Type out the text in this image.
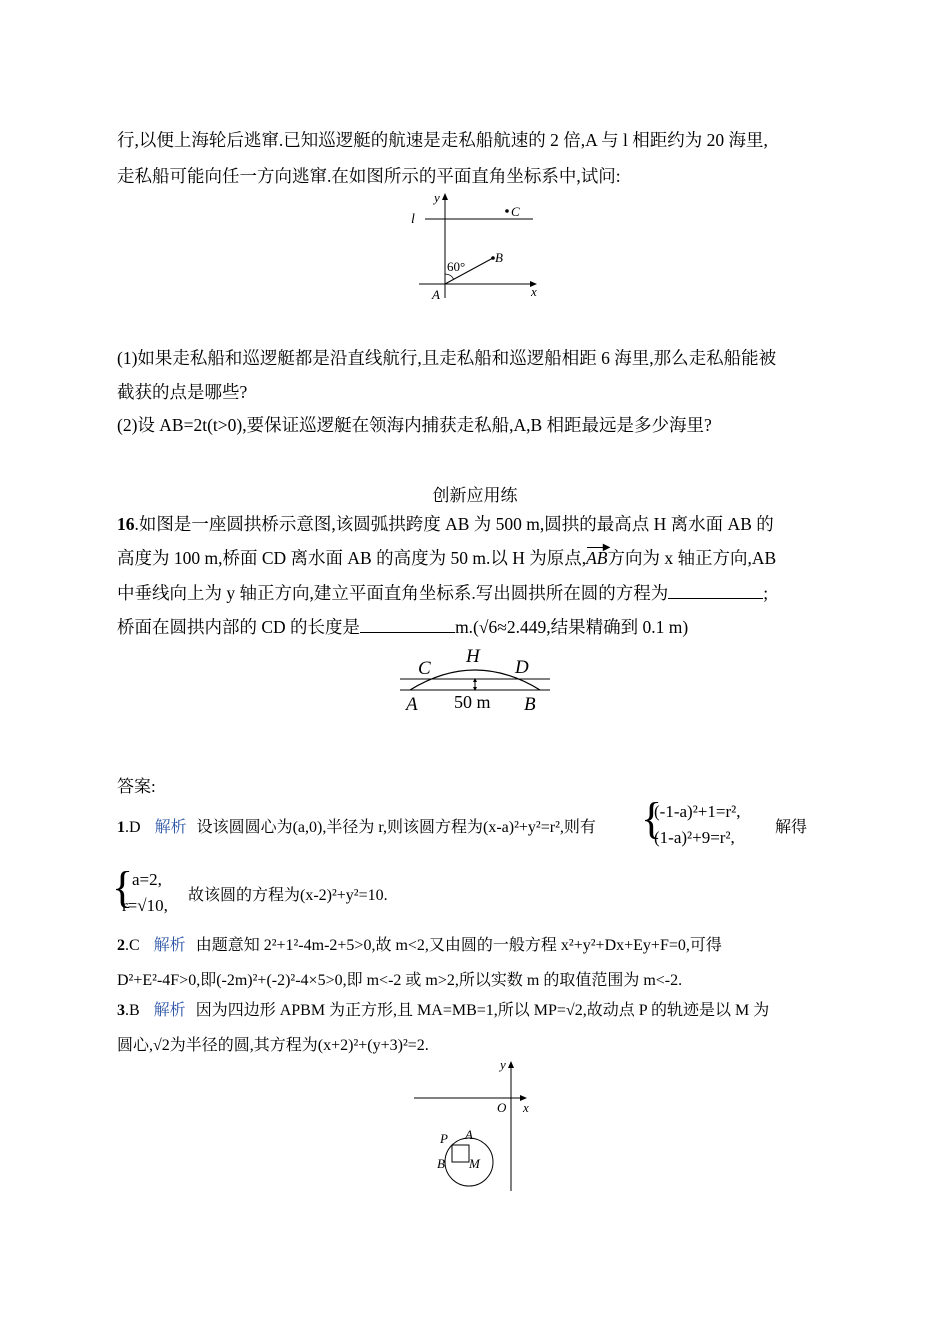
行,以便上海轮后逃窜.已知巡逻艇的航速是走私船航速的 2 倍,A 与 l 相距约为 20 海里,
走私船可能向任一方向逃窜.在如图所示的平面直角坐标系中,试问:
y
l
C
60°
B
A	x
(1)如果走私船和巡逻艇都是沿直线航行,且走私船和巡逻船相距 6 海里,那么走私船能被
截获的点是哪些?
(2)设 AB=2t(t>0),要保证巡逻艇在领海内捕获走私船,A,B 相距最远是多少海里?
创新应用练
16.如图是一座圆拱桥示意图,该圆弧拱跨度 AB 为 500 m,圆拱的最高点 H 离水面 AB 的
高度为 100 m,桥面 CD 离水面 AB 的高度为 50 m.以 H 为原点,AB
▶
方向为 x 轴正方向,AB
中垂线向上为 y 轴正方向,建立平面直角坐标系.写出圆拱所在圆的方程为	;
桥面在圆拱内部的 CD 的长度是	m.(√6≈2.449,结果精确到 0.1 m)
C
H
D
A 50 m B
答案:
1.D 解析 设该圆圆心为(a,0),半径为 r,则该圆方程为(x-a)²+y²=r²,则有 {
(-1-a)²+1=r²,
(1-a)²+9=r²,
解得
{
a=2,
r=√10,
故该圆的方程为(x-2)²+y²=10.
2.C 解析 由题意知 2²+1²-4m-2+5>0,故 m<2,又由圆的一般方程 x²+y²+Dx+Ey+F=0,可得
D²+E²-4F>0,即(-2m)²+(-2)²-4×5>0,即 m<-2 或 m>2,所以实数 m 的取值范围为 m<-2.
3.B 解析 因为四边形 APBM 为正方形,且 MA=MB=1,所以 MP=√2,故动点 P 的轨迹是以 M 为
圆心,√2为半径的圆,其方程为(x+2)²+(y+3)²=2.
y
O x
P A
B M
